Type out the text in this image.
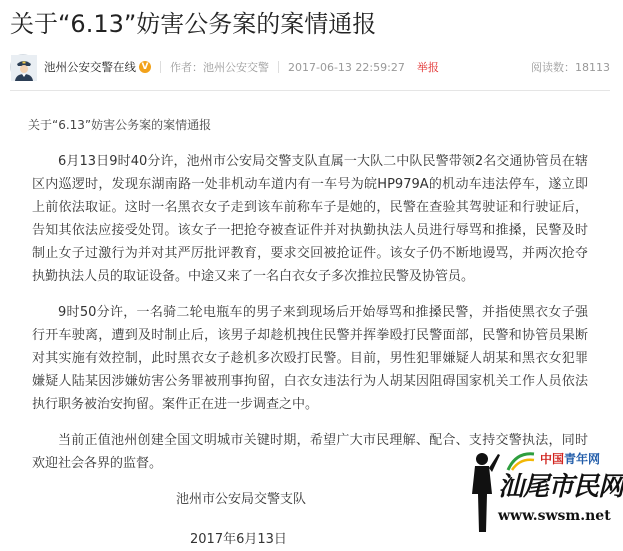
关于“6.13”妨害公务案的案情通报
池州公安交警在线 V 作者：池州公安交警 2017-06-13 22:59:27 举报	阅读数：18113

关于“6.13”妨害公务案的案情通报

6月13日9时40分许，池州市公安局交警支队直属一大队二中队民警带领2名交通协管员在辖区内巡逻时，发现东湖南路一处非机动车道内有一车号为皖HP979A的机动车违法停车，遂立即上前依法取证。这时一名黑衣女子走到该车前称车子是她的，民警在查验其驾驶证和行驶证后，告知其依法应接受处罚。该女子一把抢夺被查证件并对执勤执法人员进行辱骂和推搡，民警及时制止女子过激行为并对其严厉批评教育，要求交回被抢证件。该女子仍不断地谩骂，并两次抢夺执勤执法人员的取证设备。中途又来了一名白衣女子多次推拉民警及协管员。

9时50分许，一名骑二轮电瓶车的男子来到现场后开始辱骂和推搡民警，并指使黑衣女子强行开车驶离，遭到及时制止后，该男子却趁机拽住民警并挥拳殴打民警面部，民警和协管员果断对其实施有效控制，此时黑衣女子趁机多次殴打民警。目前，男性犯罪嫌疑人胡某和黑衣女犯罪嫌疑人陆某因涉嫌妨害公务罪被刑事拘留，白衣女违法行为人胡某因阻碍国家机关工作人员依法执行职务被治安拘留。案件正在进一步调查之中。

当前正值池州创建全国文明城市关键时期，希望广大市民理解、配合、支持交警执法，同时欢迎社会各界的监督。

池州市公安局交警支队

2017年6月13日

中国青年网
汕尾市民网
www.swsm.net
